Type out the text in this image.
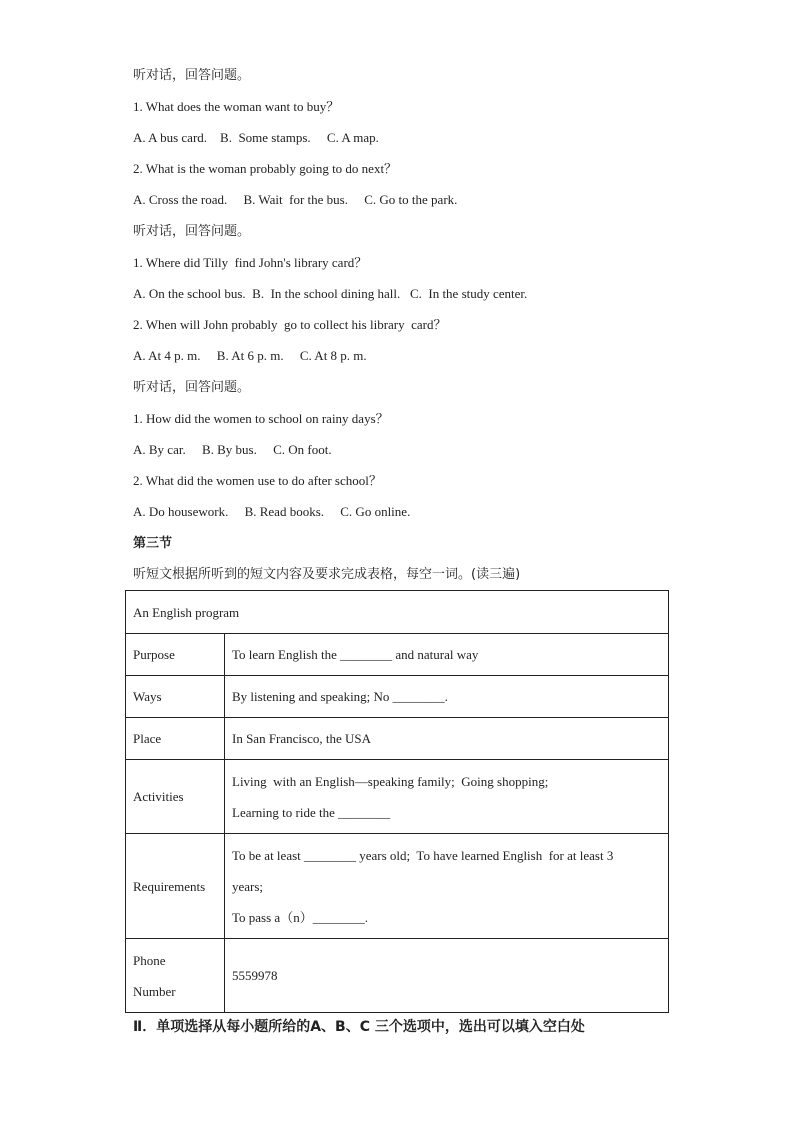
听对话，回答问题。
1. What does the woman want to buy？
A. A bus card.    B.  Some stamps.     C. A map.
2. What is the woman probably going to do next？
A. Cross the road.     B. Wait  for the bus.     C. Go to the park.
听对话，回答问题。
1. Where did Tilly  find John's library card？
A. On the school bus.  B.  In the school dining hall.   C.  In the study center.
2. When will John probably  go to collect his library  card？
A. At 4 p. m.     B. At 6 p. m.     C. At 8 p. m.
听对话，回答问题。
1. How did the women to school on rainy days？
A. By car.     B. By bus.     C. On foot.
2. What did the women use to do after school？
A. Do housework.     B. Read books.     C. Go online.
第三节
听短文根据所听到的短文内容及要求完成表格，每空一词。(读三遍)
An English program	
Purpose	To learn English the ________ and natural way
Ways	By listening and speaking; No ________.
Place	In San Francisco, the USA
Activities	Living  with an English—speaking family;  Going shopping;
Learning to ride the ________

Requirements	To be at least ________ years old;  To have learned English  for at least 3
years;
To pass a（n）________.

Phone
Number	5559978
Ⅱ．单项选择从每小题所给的A、B、C 三个选项中，选出可以填入空白处
